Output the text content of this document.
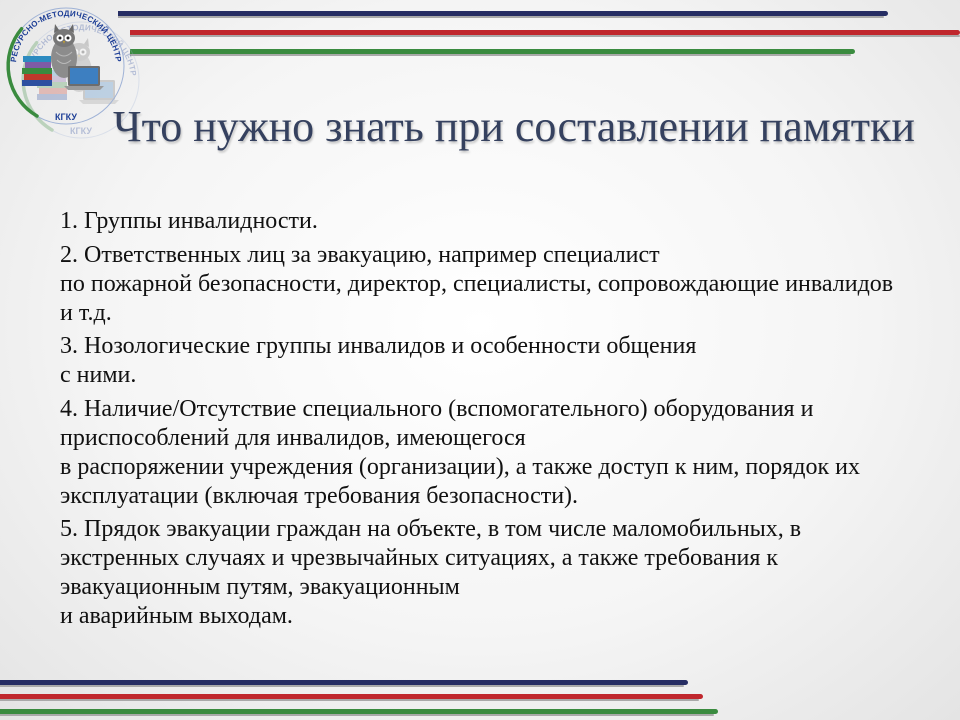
РЕСУРСНО-МЕТОДИЧЕСКИЙ ЦЕНТР
КГКУ Что нужно знать при составлении памятки
1. Группы инвалидности.
2. Ответственных лиц за эвакуацию, например специалист
по пожарной безопасности, директор, специалисты, сопровождающие инвалидов
и т.д.
3. Нозологические группы инвалидов и особенности общения
с ними.
4. Наличие/Отсутствие специального (вспомогательного) оборудования и
приспособлений для инвалидов, имеющегося
в распоряжении учреждения (организации), а также доступ к ним, порядок их
эксплуатации (включая требования безопасности).
5. Прядок эвакуации граждан на объекте, в том числе маломобильных, в
экстренных случаях и чрезвычайных ситуациях, а также требования к
эвакуационным путям, эвакуационным
и аварийным выходам.
